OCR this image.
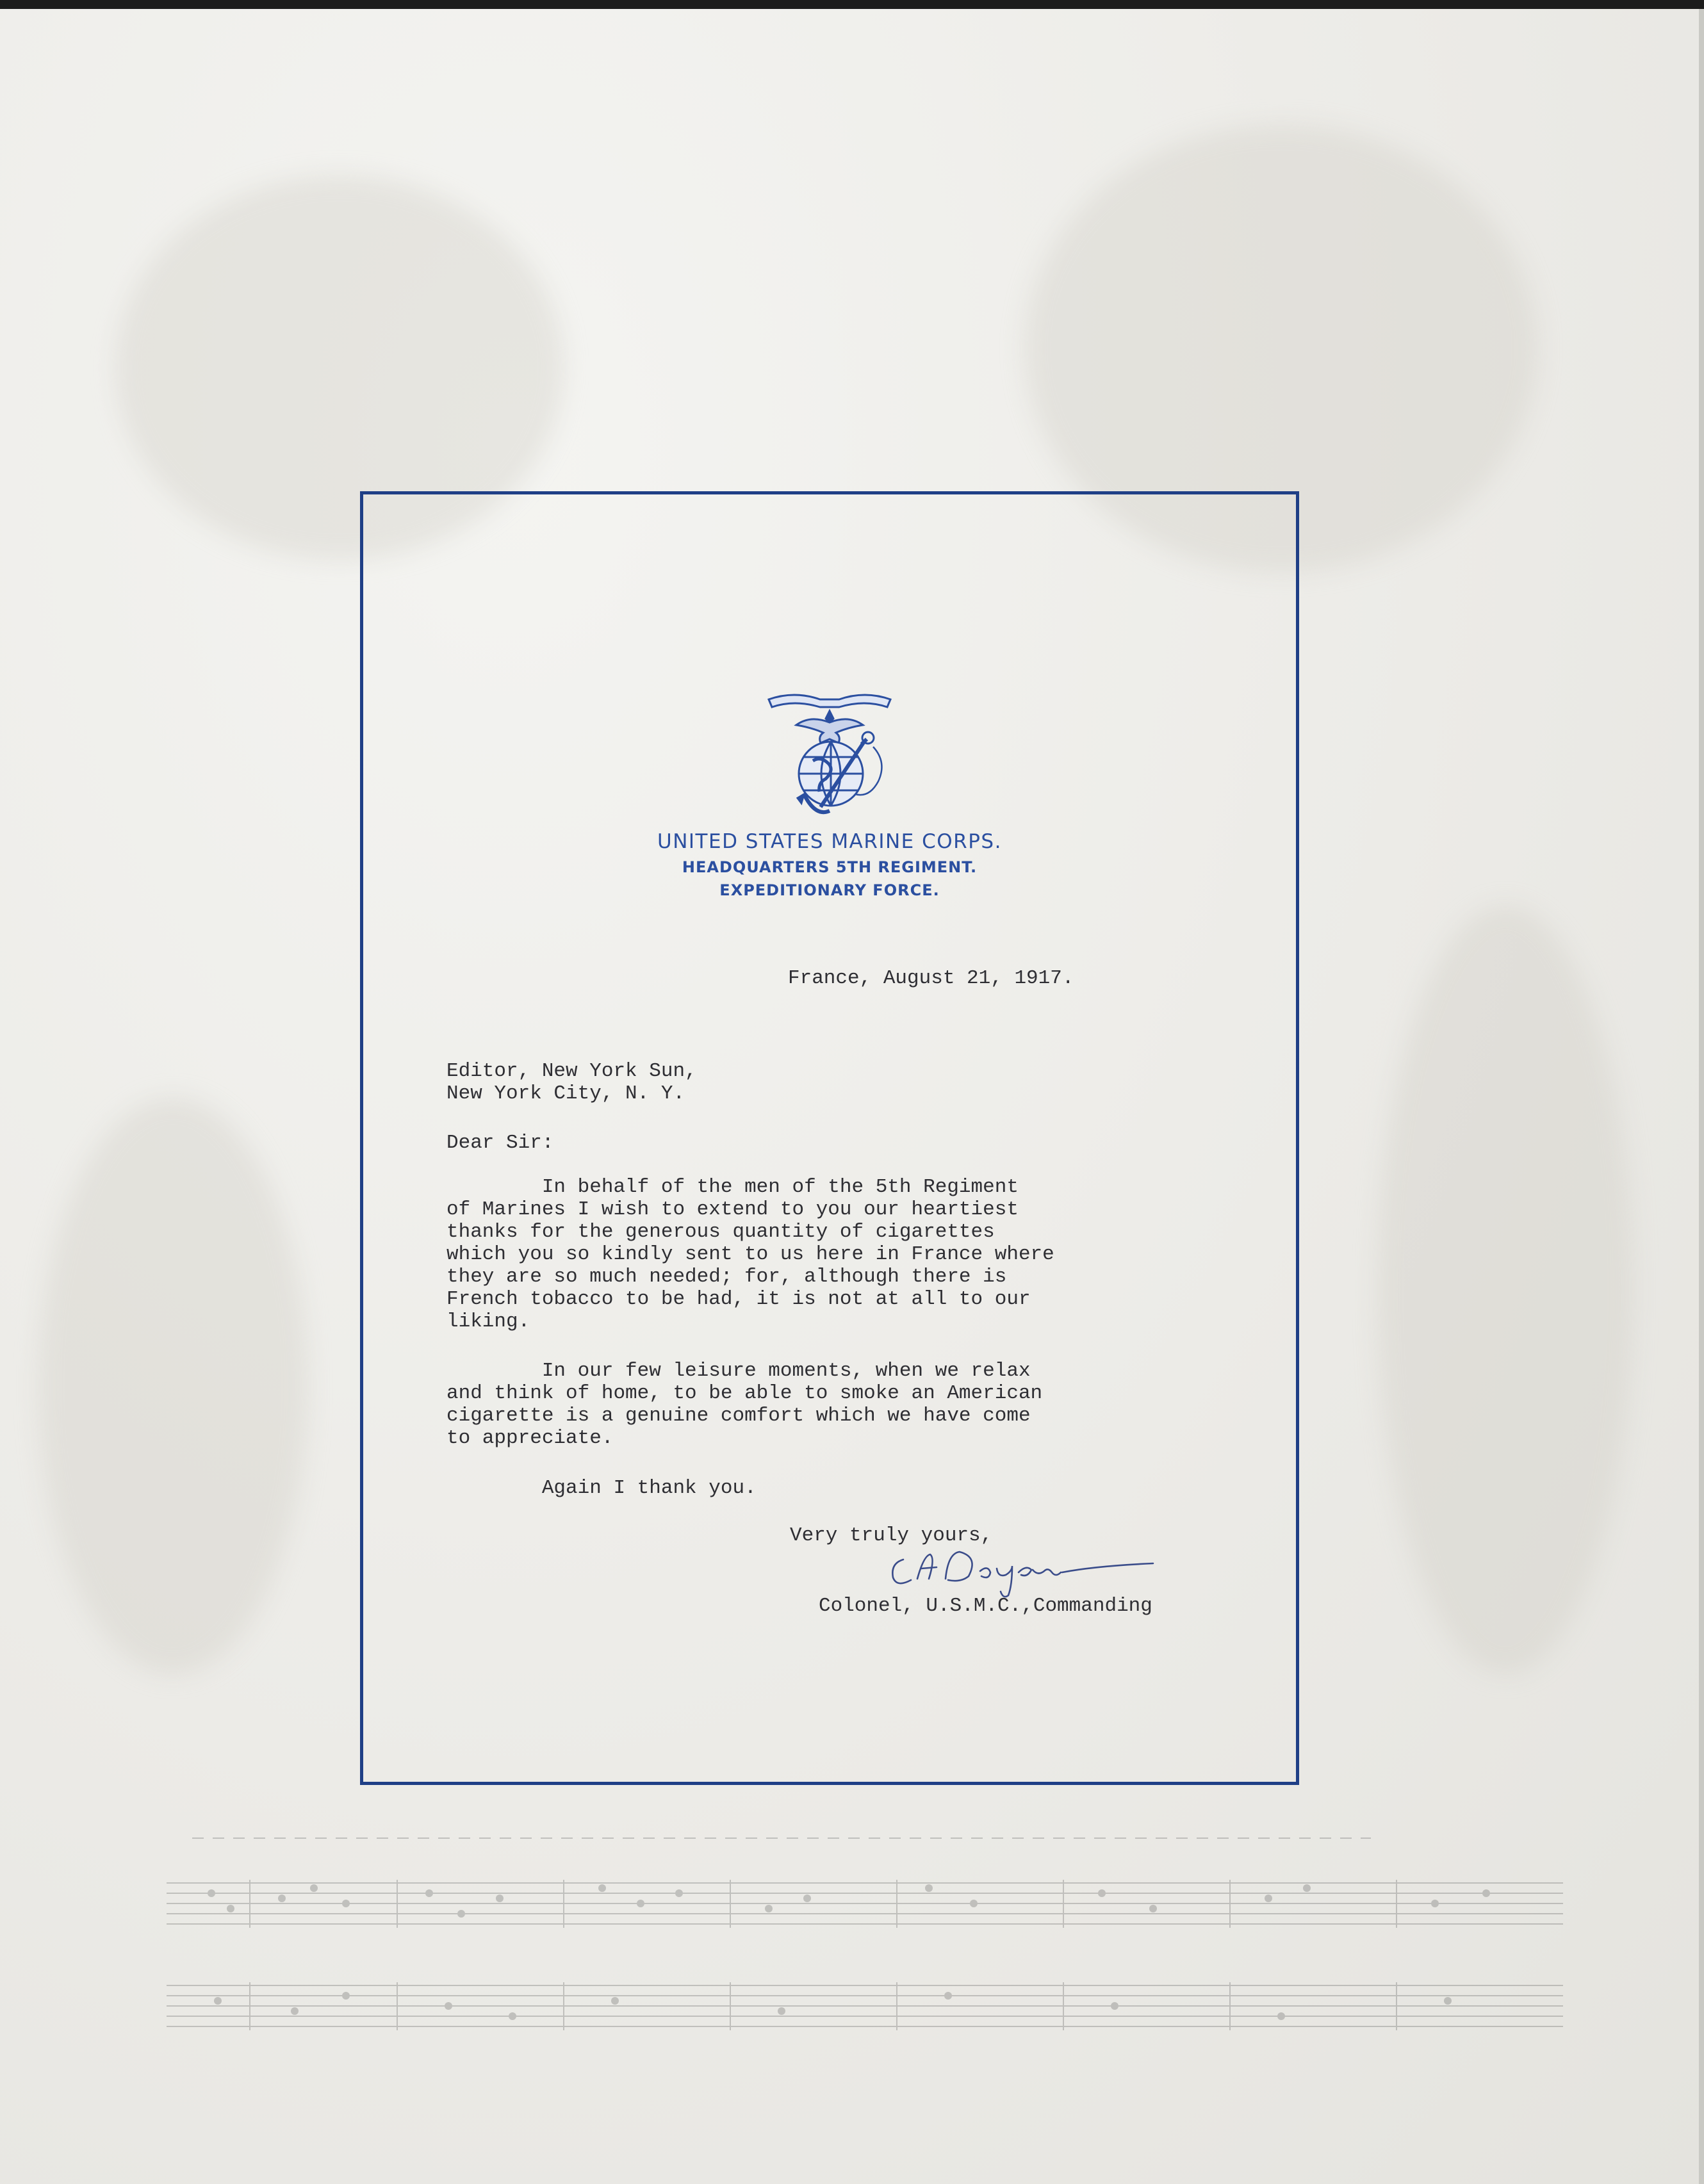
UNITED STATES MARINE CORPS.
HEADQUARTERS 5TH REGIMENT.
EXPEDITIONARY FORCE.
France, August 21, 1917.
Editor, New York Sun,
New York City, N. Y.
Dear Sir:
In behalf of the men of the 5th Regiment
of Marines I wish to extend to you our heartiest
thanks for the generous quantity of cigarettes
which you so kindly sent to us here in France where
they are so much needed; for, although there is
French tobacco to be had, it is not at all to our
liking.
In our few leisure moments, when we relax
and think of home, to be able to smoke an American
cigarette is a genuine comfort which we have come
to appreciate.
Again I thank you.
Very truly yours,
Colonel, U.S.M.C.,Commanding
